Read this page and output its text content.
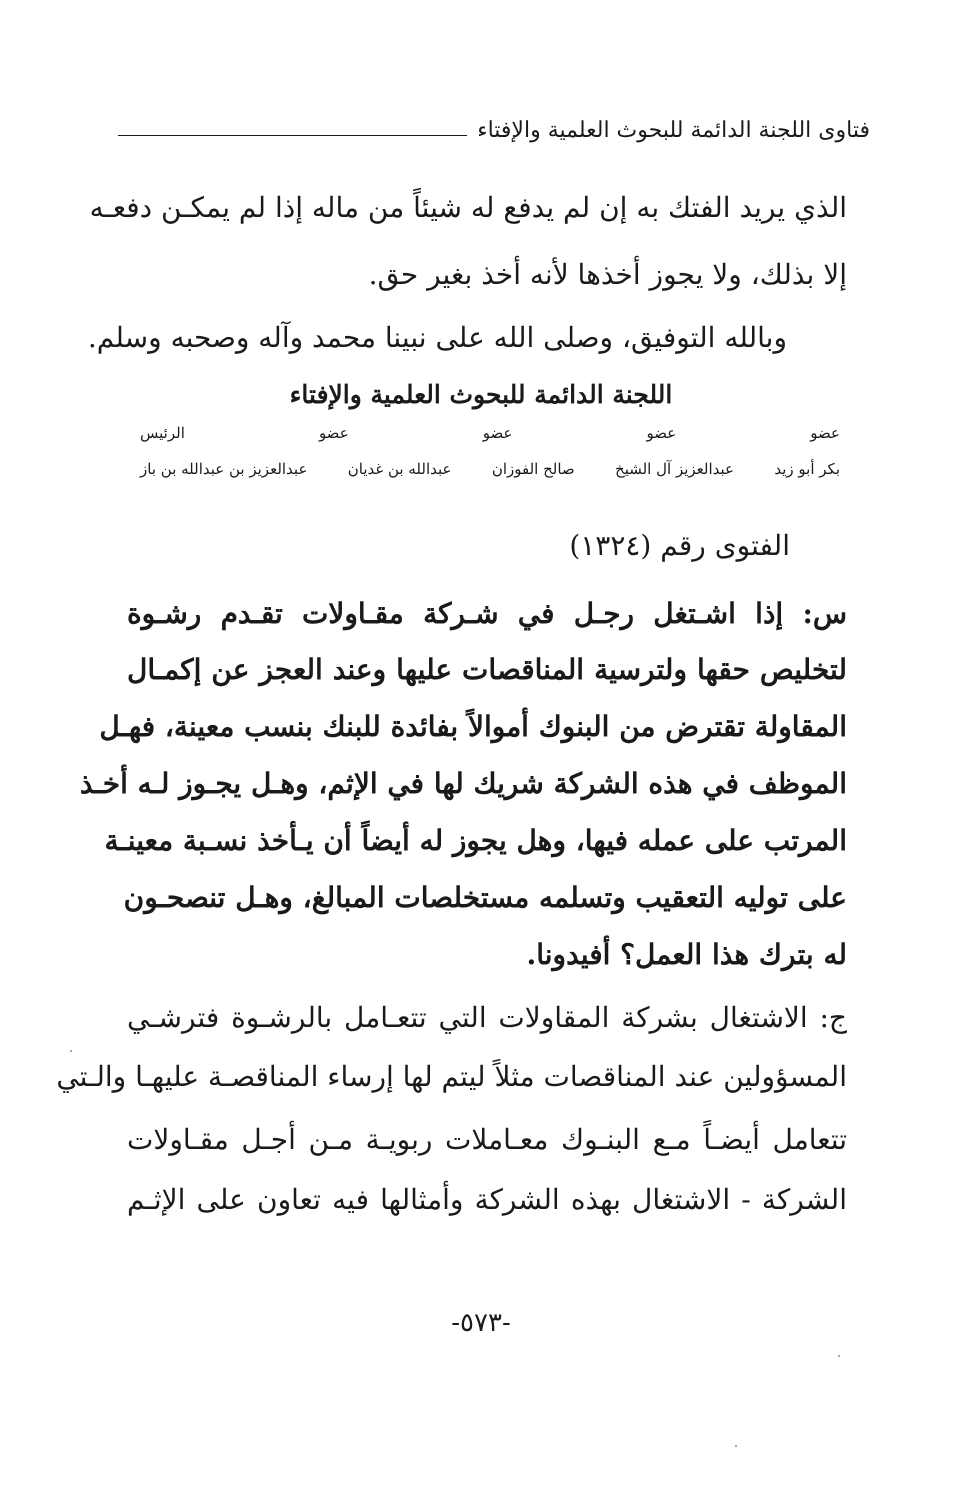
فتاوى اللجنة الدائمة للبحوث العلمية والإفتاء
الذي يريد الفتك به إن لم يدفع له شيئاً من ماله إذا لم يمكـن دفعـه
إلا بذلك، ولا يجوز أخذها لأنه أخذ بغير حق.
وبالله التوفيق، وصلى الله على نبينا محمد وآله وصحبه وسلم.
اللجنة الدائمة للبحوث العلمية والإفتاء
عضو
عضو
عضو
عضو
الرئيس
بكر أبو زيد
عبدالعزيز آل الشيخ
صالح الفوزان
عبدالله بن غديان
عبدالعزيز بن عبدالله بن باز
الفتوى رقم (١٣٢٤)
س: إذا اشـتغل رجـل في شـركة مقـاولات تقـدم رشـوة
لتخليص حقها ولترسية المناقصات عليها وعند العجز عن إكمـال
المقاولة تقترض من البنوك أموالاً بفائدة للبنك بنسب معينة، فهـل
الموظف في هذه الشركة شريك لها في الإثم، وهـل يجـوز لـه أخـذ
المرتب على عمله فيها، وهل يجوز له أيضاً أن يـأخذ نسـبة معينـة
على توليه التعقيب وتسلمه مستخلصات المبالغ، وهـل تنصحـون
له بترك هذا العمل؟ أفيدونا.
ج: الاشتغال بشركة المقاولات التي تتعـامل بالرشـوة فترشـي
المسؤولين عند المناقصات مثلاً ليتم لها إرساء المناقصـة عليهـا والـتي
تتعامل أيضـاً مـع البنـوك معـاملات ربويـة مـن أجـل مقـاولات
الشركة - الاشتغال بهذه الشركة وأمثالها فيه تعاون على الإثـم
-٥٧٣-
